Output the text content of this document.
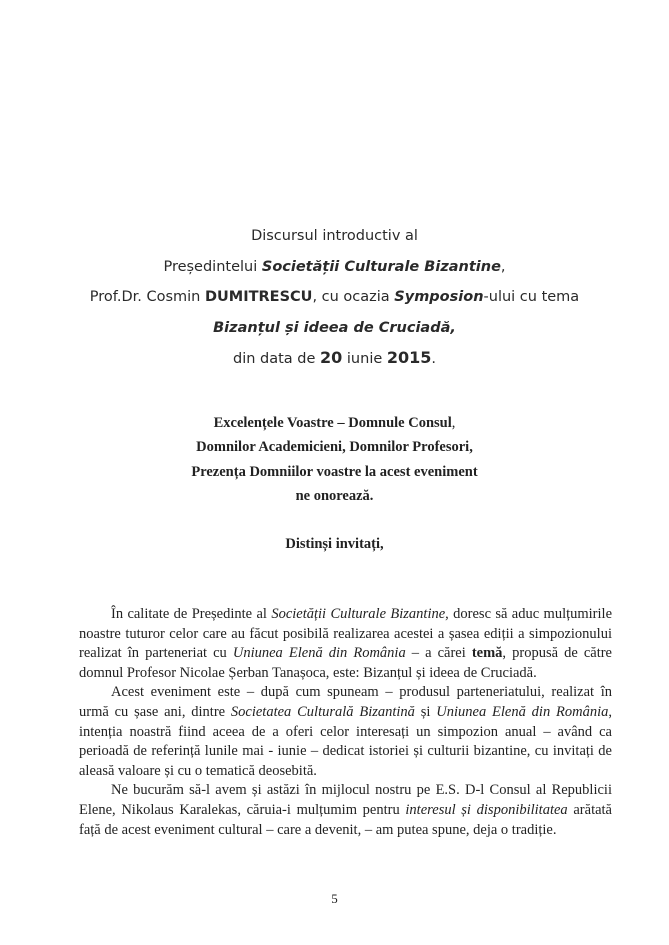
Discursul introductiv al
Președintelui Societății Culturale Bizantine,
Prof.Dr. Cosmin DUMITRESCU, cu ocazia Symposion-ului cu tema
Bizanțul și ideea de Cruciadă,
din data de 20 iunie 2015.
Excelențele Voastre – Domnule Consul,
Domnilor Academicieni, Domnilor Profesori,
Prezența Domniilor voastre la acest eveniment
ne onorează.
Distinși invitați,

În calitate de Președinte al Societății Culturale Bizantine, doresc să aduc mulțumirile noastre tuturor celor care au făcut posibilă realizarea acestei a șasea ediții a simpozionului realizat în parteneriat cu Uniunea Elenă din România – a cărei temă, propusă de către domnul Profesor Nicolae Șerban Tanașoca, este: Bizanțul și ideea de Cruciadă.

Acest eveniment este – după cum spuneam – produsul parteneriatului, realizat în urmă cu șase ani, dintre Societatea Culturală Bizantină și Uniunea Elenă din România, intenția noastră fiind aceea de a oferi celor interesați un simpozion anual – având ca perioadă de referință lunile mai - iunie – dedicat istoriei și culturii bizantine, cu invitați de aleasă valoare și cu o tematică deosebită.

Ne bucurăm să-l avem și astăzi în mijlocul nostru pe E.S. D-l Consul al Republicii Elene, Nikolaus Karalekas, căruia-i mulțumim pentru interesul și disponibilitatea arătată față de acest eveniment cultural – care a devenit, – am putea spune, deja o tradiție.

5
